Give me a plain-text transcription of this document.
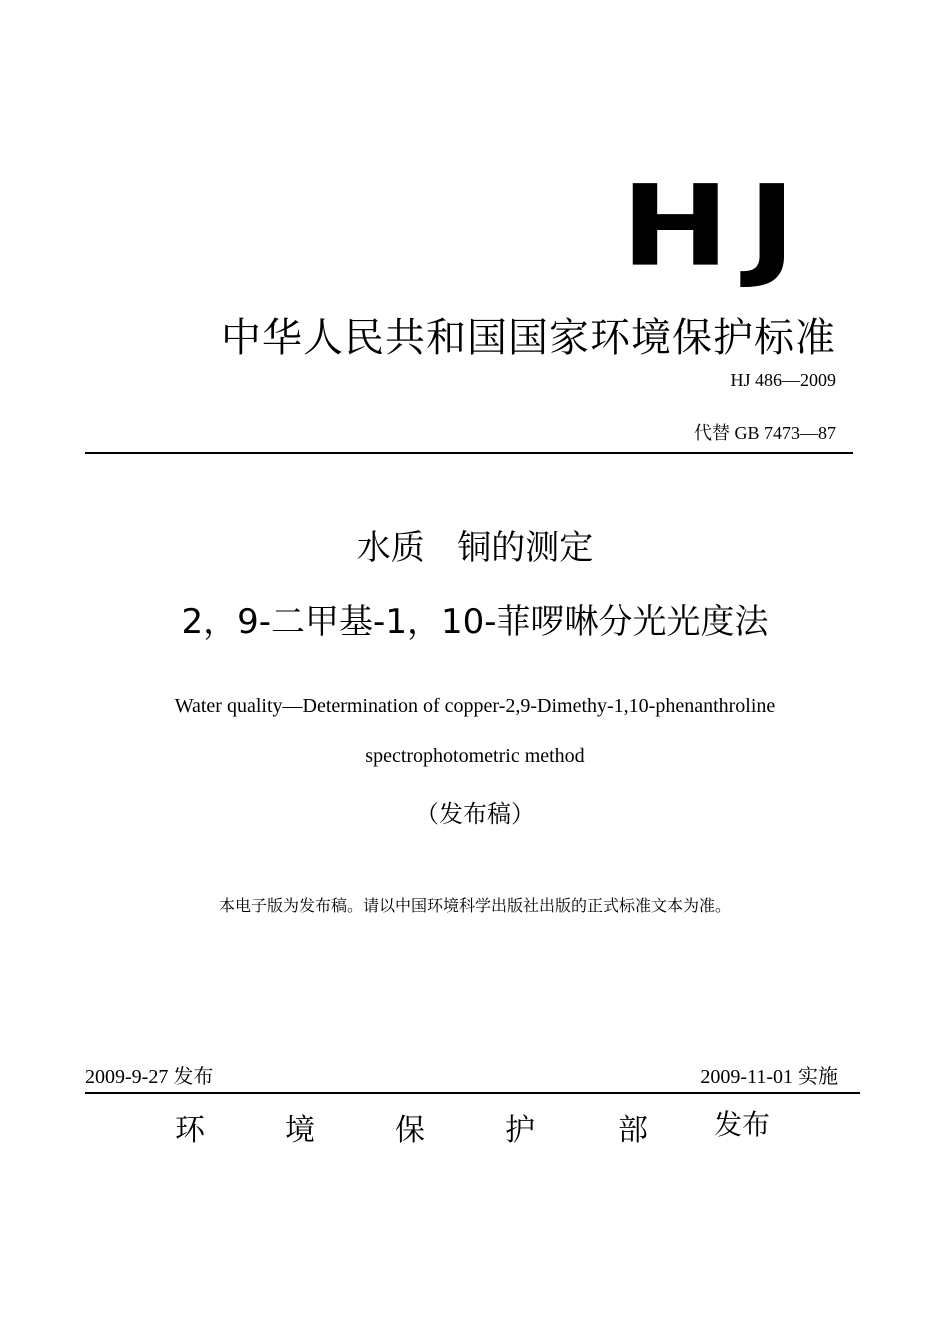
HJ
中华人民共和国国家环境保护标准
HJ 486—2009
代替 GB 7473—87
水质   铜的测定
2，9-二甲基-1，10-菲啰啉分光光度法
Water quality—Determination of copper-2,9-Dimethy-1,10-phenanthroline
spectrophotometric method
（发布稿）
本电子版为发布稿。请以中国环境科学出版社出版的正式标准文本为准。
2009-9-27 发布	2009-11-01 实施
环	境	保	护	部 发布
